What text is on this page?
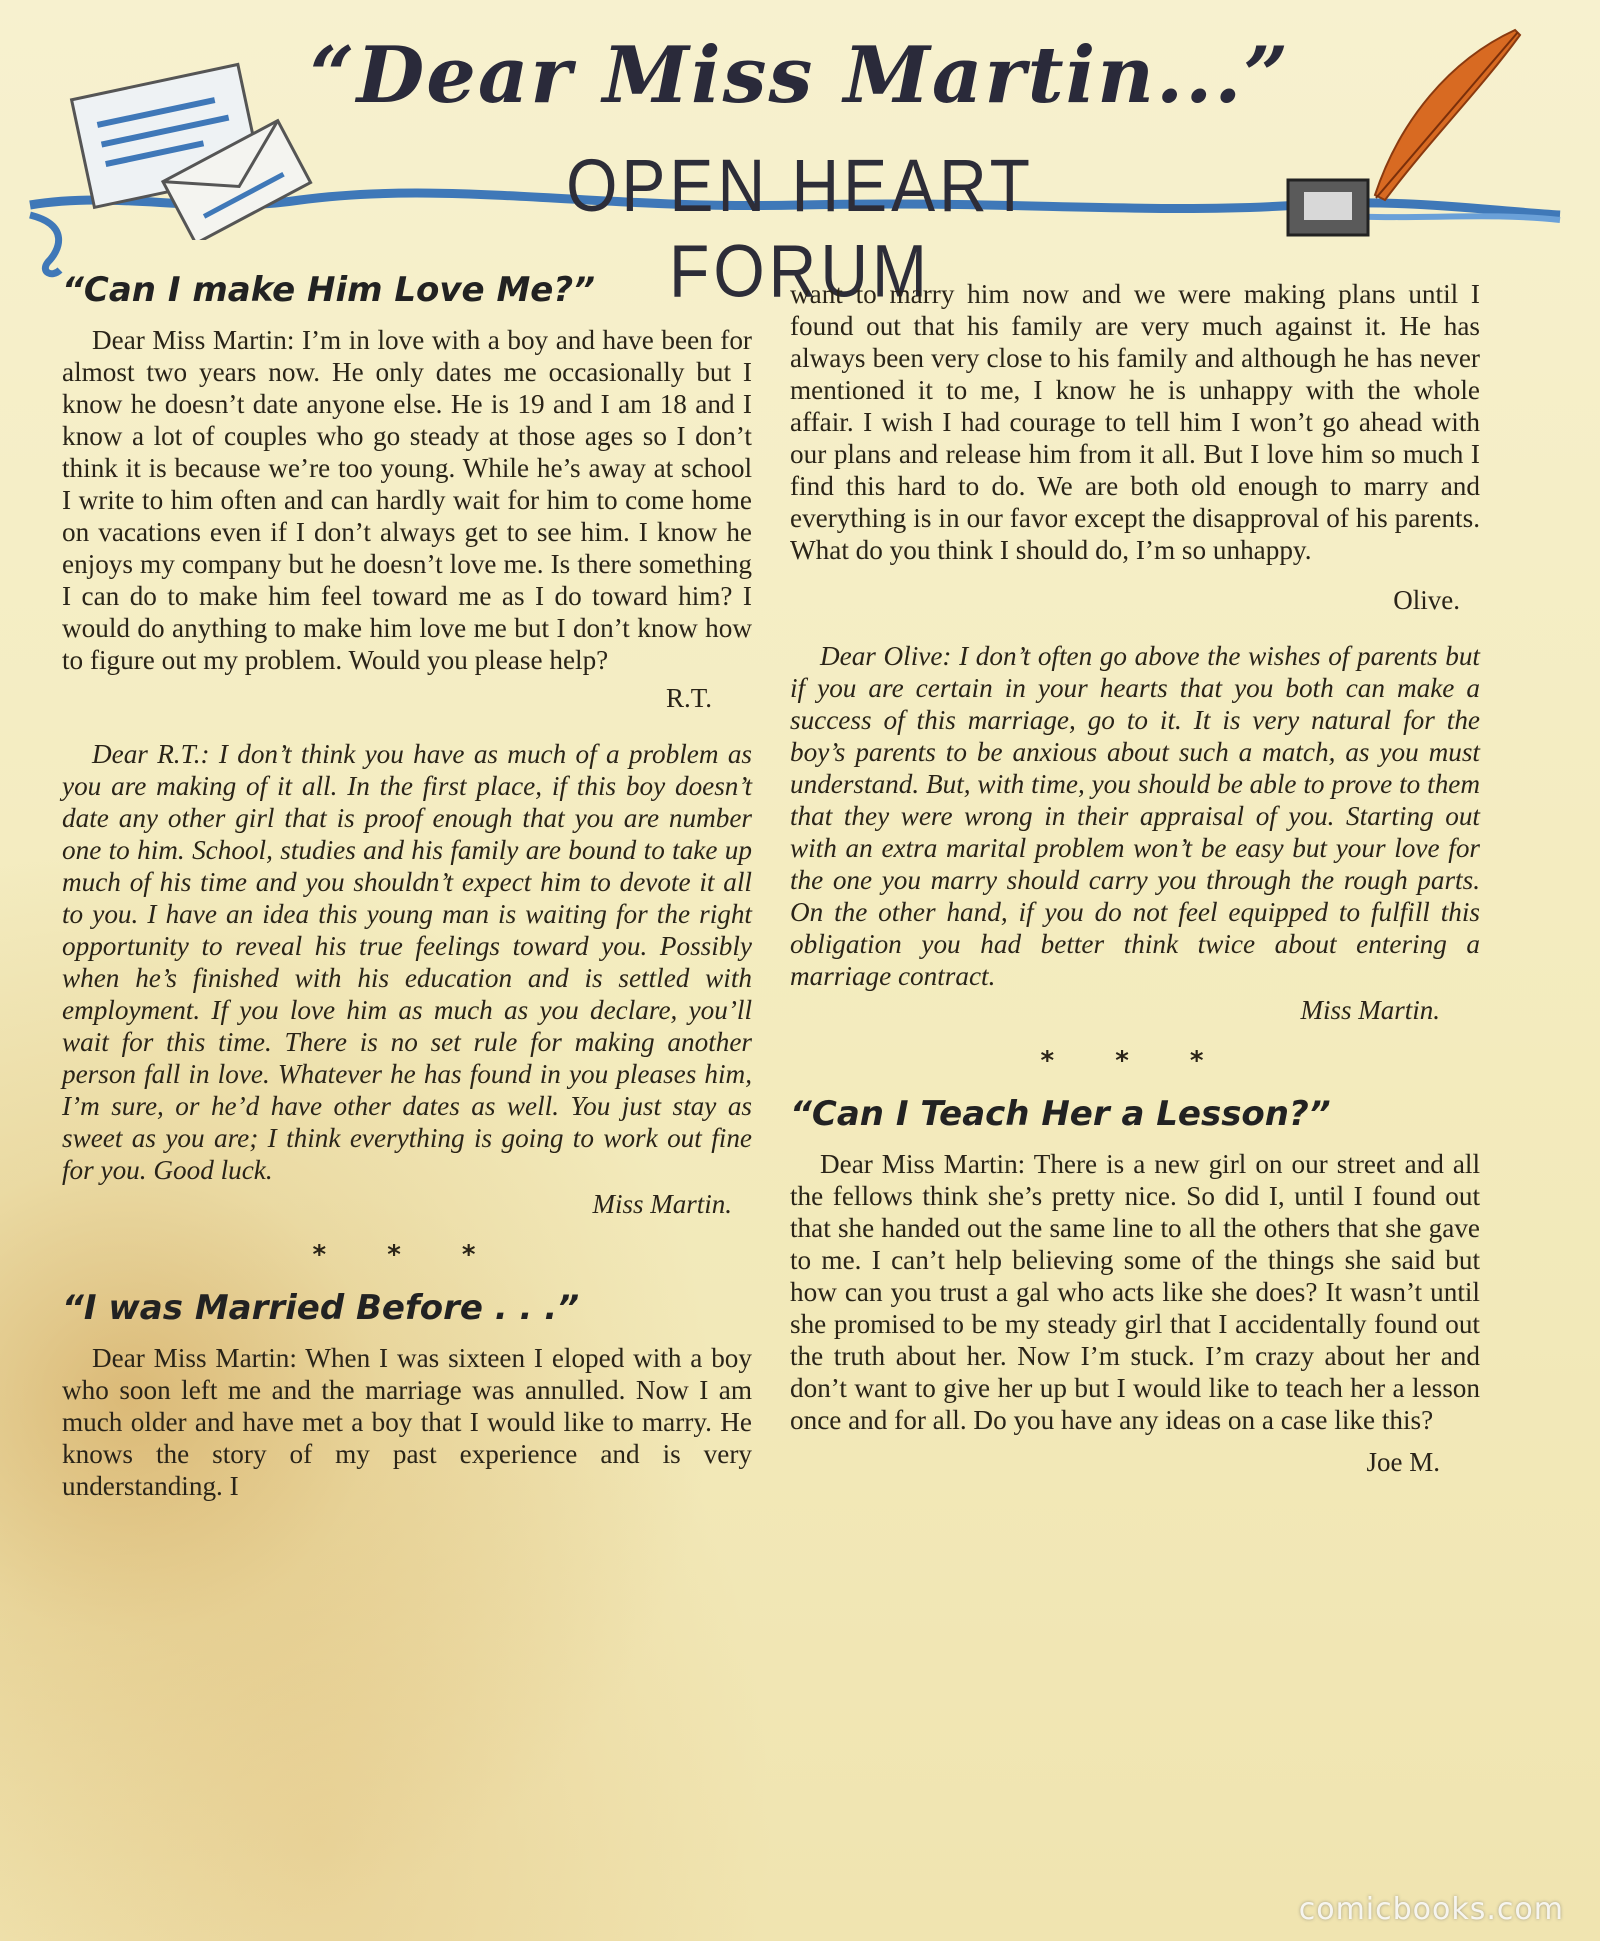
“Dear Miss Martin...”
OPEN HEART FORUM
“Can I make Him Love Me?”

Dear Miss Martin: I’m in love with a boy and have been for almost two years now. He only dates me occasionally but I know he doesn’t date anyone else. He is 19 and I am 18 and I know a lot of couples who go steady at those ages so I don’t think it is because we’re too young. While he’s away at school I write to him often and can hardly wait for him to come home on vacations even if I don’t always get to see him. I know he enjoys my company but he doesn’t love me. Is there something I can do to make him feel toward me as I do toward him? I would do anything to make him love me but I don’t know how to figure out my problem. Would you please help?

R.T.

Dear R.T.: I don’t think you have as much of a problem as you are making of it all. In the first place, if this boy doesn’t date any other girl that is proof enough that you are number one to him. School, studies and his family are bound to take up much of his time and you shouldn’t expect him to devote it all to you. I have an idea this young man is waiting for the right opportunity to reveal his true feelings toward you. Possibly when he’s finished with his education and is settled with employment. If you love him as much as you declare, you’ll wait for this time. There is no set rule for making another person fall in love. Whatever he has found in you pleases him, I’m sure, or he’d have other dates as well. You just stay as sweet as you are; I think everything is going to work out fine for you. Good luck.

Miss Martin.
* * *
“I was Married Before . . .”

Dear Miss Martin: When I was sixteen I eloped with a boy who soon left me and the marriage was annulled. Now I am much older and have met a boy that I would like to marry. He knows the story of my past experience and is very understanding. I

want to marry him now and we were making plans until I found out that his family are very much against it. He has always been very close to his family and although he has never mentioned it to me, I know he is unhappy with the whole affair. I wish I had courage to tell him I won’t go ahead with our plans and release him from it all. But I love him so much I find this hard to do. We are both old enough to marry and everything is in our favor except the disapproval of his parents. What do you think I should do, I’m so unhappy.

Olive.

Dear Olive: I don’t often go above the wishes of parents but if you are certain in your hearts that you both can make a success of this marriage, go to it. It is very natural for the boy’s parents to be anxious about such a match, as you must understand. But, with time, you should be able to prove to them that they were wrong in their appraisal of you. Starting out with an extra marital problem won’t be easy but your love for the one you marry should carry you through the rough parts. On the other hand, if you do not feel equipped to fulfill this obligation you had better think twice about entering a marriage contract.

Miss Martin.
* * *
“Can I Teach Her a Lesson?”

Dear Miss Martin: There is a new girl on our street and all the fellows think she’s pretty nice. So did I, until I found out that she handed out the same line to all the others that she gave to me. I can’t help believing some of the things she said but how can you trust a gal who acts like she does? It wasn’t until she promised to be my steady girl that I accidentally found out the truth about her. Now I’m stuck. I’m crazy about her and don’t want to give her up but I would like to teach her a lesson once and for all. Do you have any ideas on a case like this?

Joe M.
comicbooks.com
